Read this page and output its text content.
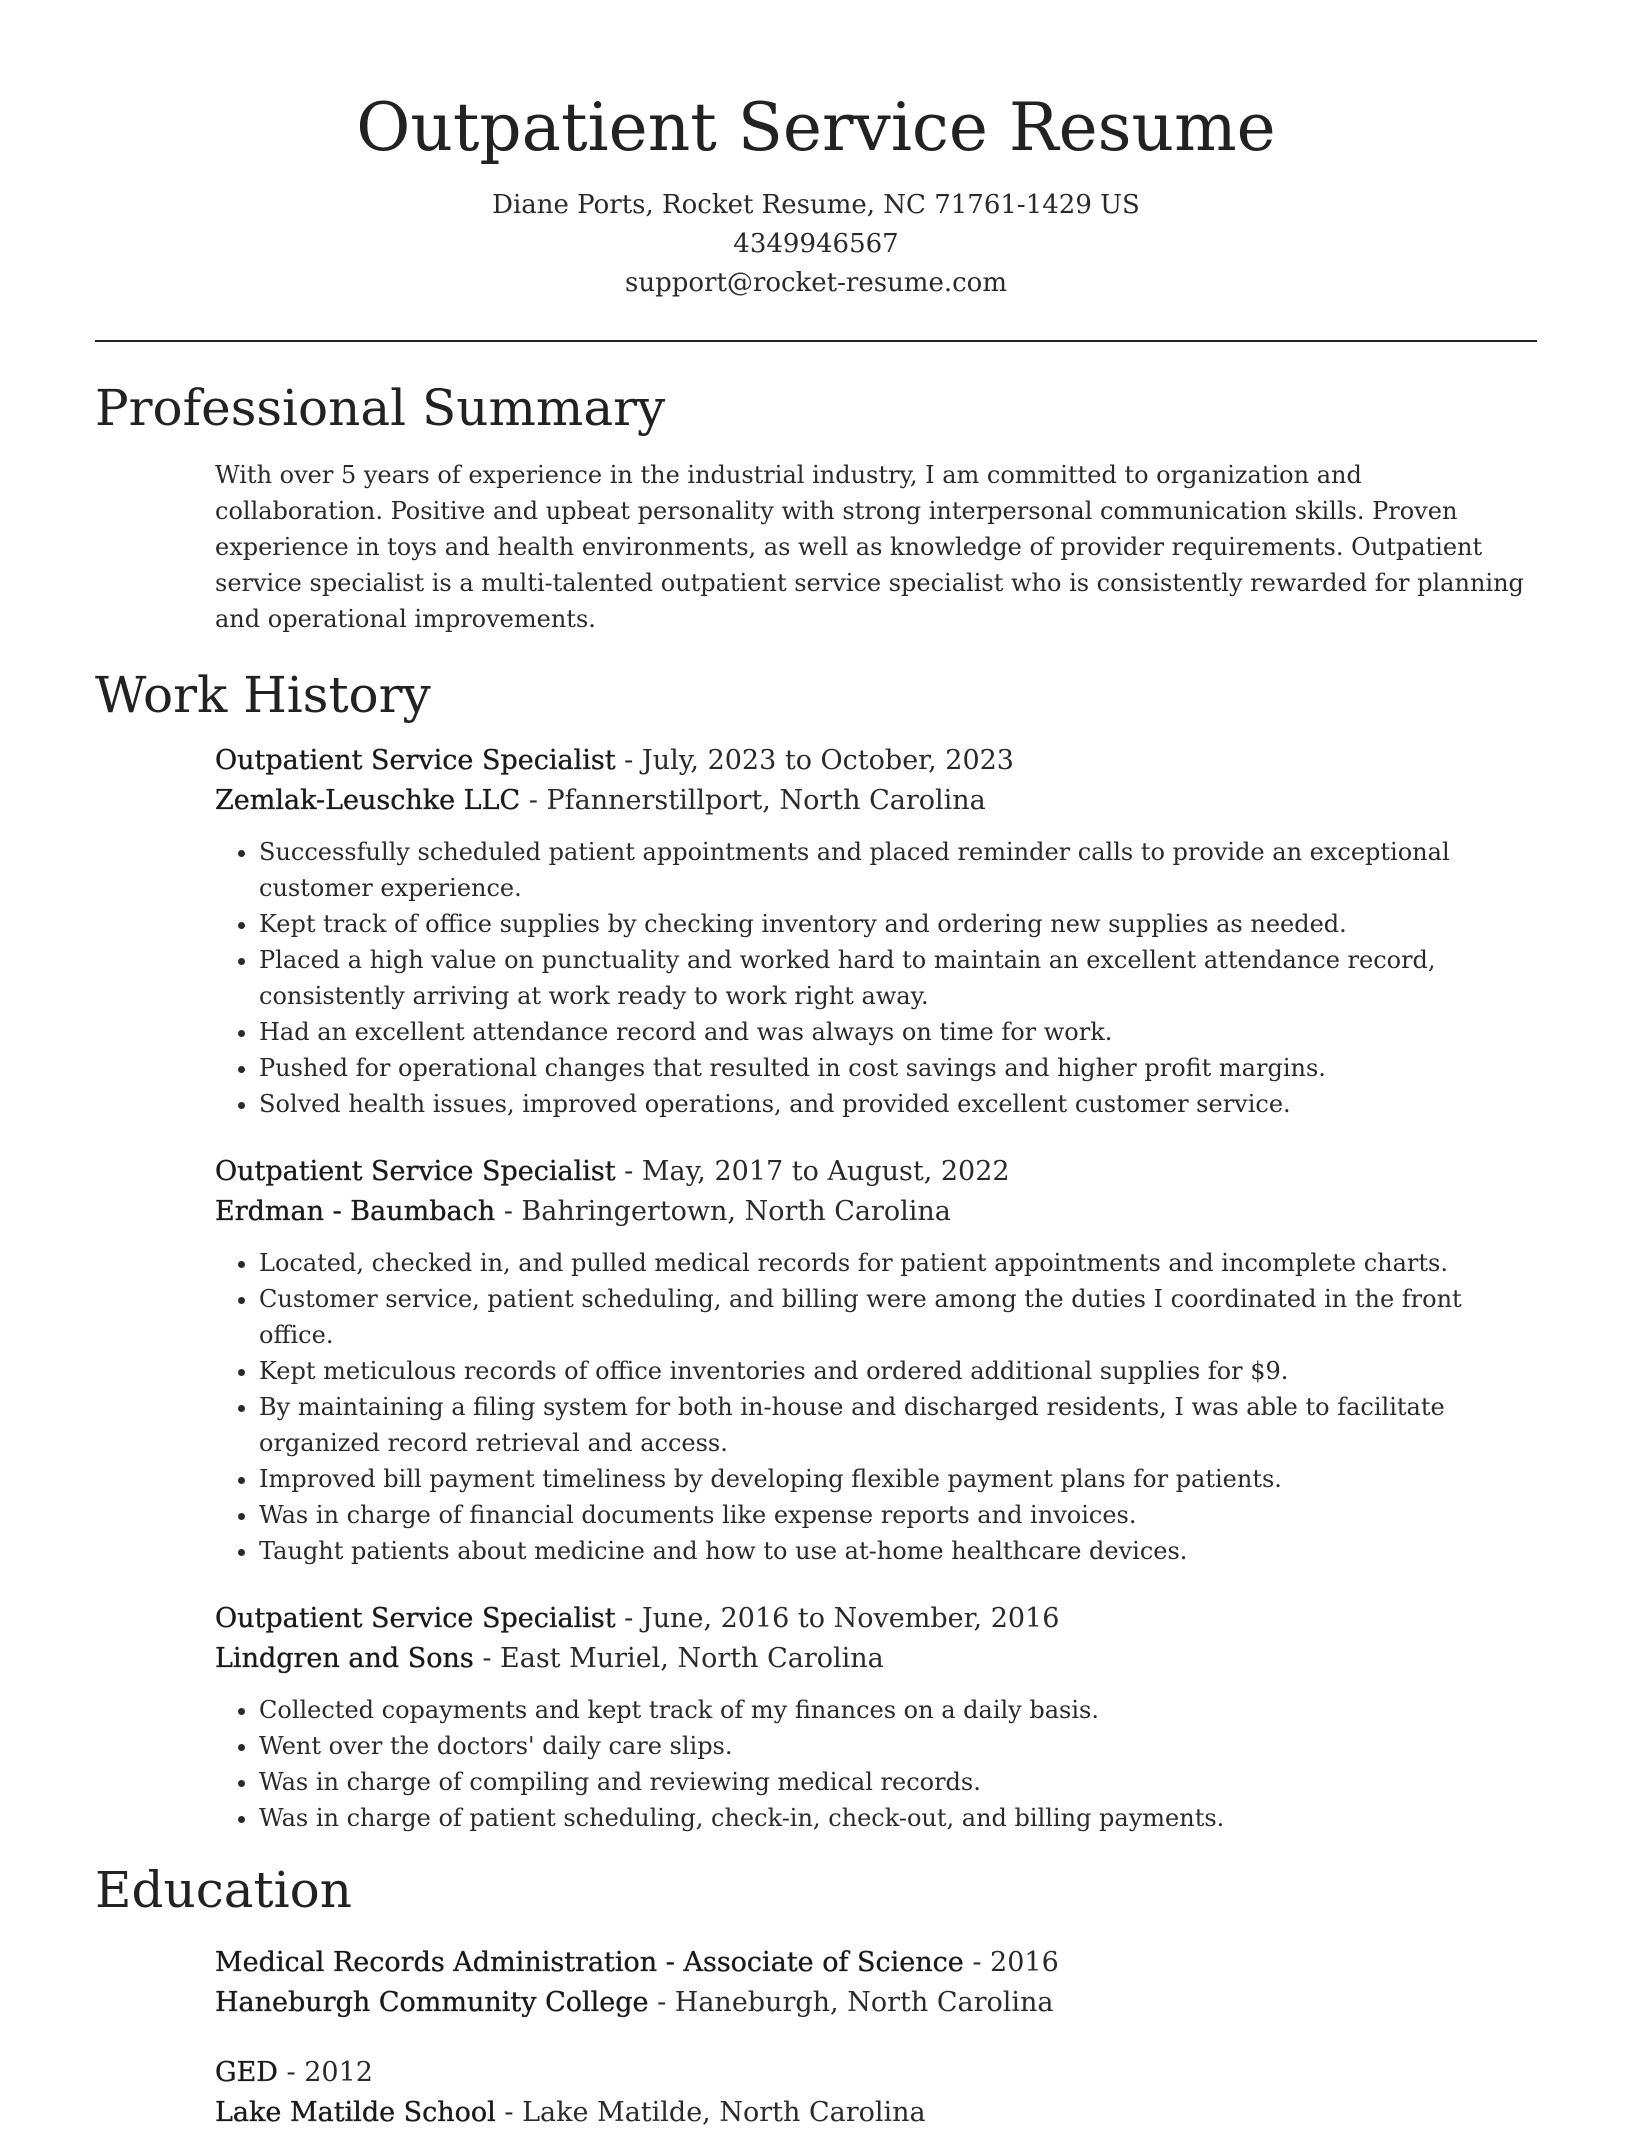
Outpatient Service Resume
Diane Ports, Rocket Resume, NC 71761-1429 US
4349946567
support@rocket-resume.com
Professional Summary

With over 5 years of experience in the industrial industry, I am committed to organization and collaboration. Positive and upbeat personality with strong interpersonal communication skills. Proven experience in toys and health environments, as well as knowledge of provider requirements. Outpatient service specialist is a multi-talented outpatient service specialist who is consistently rewarded for planning and operational improvements.

Work History
Outpatient Service Specialist - July, 2023 to October, 2023
Zemlak-Leuschke LLC - Pfannerstillport, North Carolina
• Successfully scheduled patient appointments and placed reminder calls to provide an exceptional customer experience.
• Kept track of office supplies by checking inventory and ordering new supplies as needed.
• Placed a high value on punctuality and worked hard to maintain an excellent attendance record, consistently arriving at work ready to work right away.
• Had an excellent attendance record and was always on time for work.
• Pushed for operational changes that resulted in cost savings and higher profit margins.
• Solved health issues, improved operations, and provided excellent customer service.
Outpatient Service Specialist - May, 2017 to August, 2022
Erdman - Baumbach - Bahringertown, North Carolina
• Located, checked in, and pulled medical records for patient appointments and incomplete charts.
• Customer service, patient scheduling, and billing were among the duties I coordinated in the front office.
• Kept meticulous records of office inventories and ordered additional supplies for $9.
• By maintaining a filing system for both in-house and discharged residents, I was able to facilitate organized record retrieval and access.
• Improved bill payment timeliness by developing flexible payment plans for patients.
• Was in charge of financial documents like expense reports and invoices.
• Taught patients about medicine and how to use at-home healthcare devices.
Outpatient Service Specialist - June, 2016 to November, 2016
Lindgren and Sons - East Muriel, North Carolina
• Collected copayments and kept track of my finances on a daily basis.
• Went over the doctors' daily care slips.
• Was in charge of compiling and reviewing medical records.
• Was in charge of patient scheduling, check-in, check-out, and billing payments.
Education
Medical Records Administration - Associate of Science - 2016
Haneburgh Community College - Haneburgh, North Carolina
GED - 2012
Lake Matilde School - Lake Matilde, North Carolina
